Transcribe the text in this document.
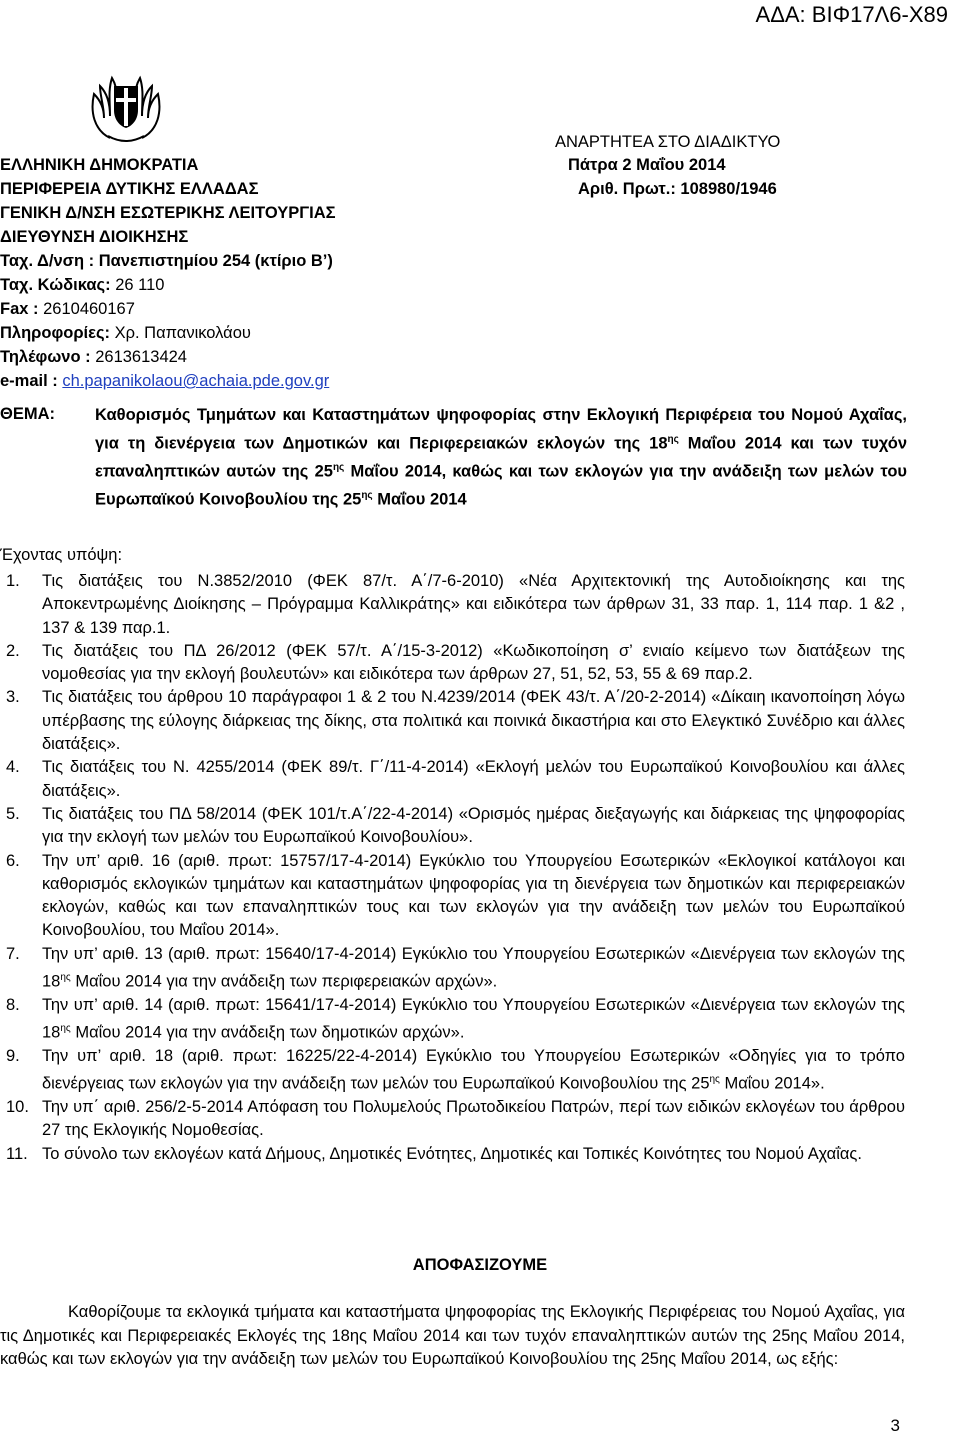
ΑΔΑ: ΒΙΦ17Λ6-Χ89
ΑΝΑΡΤΗΤΕΑ ΣΤΟ ΔΙΑΔΙΚΤΥΟ
ΕΛΛΗΝΙΚΗ ΔΗΜΟΚΡΑΤΙΑ
ΠΕΡΙΦΕΡΕΙΑ ΔΥΤΙΚΗΣ ΕΛΛΑΔΑΣ
ΓΕΝΙΚΗ Δ/ΝΣΗ ΕΣΩΤΕΡΙΚΗΣ ΛΕΙΤΟΥΡΓΙΑΣ
ΔΙΕΥΘΥΝΣΗ ΔΙΟΙΚΗΣΗΣ
Ταχ. Δ/νση : Πανεπιστημίου 254 (κτίριο Β’)
Ταχ. Κώδικας: 26 110
Fax : 2610460167
Πληροφορίες: Χρ. Παπανικολάου
Τηλέφωνο : 2613613424
e-mail : ch.papanikolaou@achaia.pde.gov.gr
Πάτρα 2 Μαΐου 2014
Αριθ. Πρωτ.: 108980/1946
ΘΕΜΑ: Καθορισμός Τμημάτων και Καταστημάτων ψηφοφορίας στην Εκλογική Περιφέρεια του Νομού Αχαΐας, για τη διενέργεια των Δημοτικών και Περιφερειακών εκλογών της $18^{\eta\varsigma}$ Μαΐου 2014 και των τυχόν επαναληπτικών αυτών της $25^{\eta\varsigma}$ Μαΐου 2014, καθώς και των εκλογών για την ανάδειξη των μελών του Ευρωπαϊκού Κοινοβουλίου της $25^{\eta\varsigma}$ Μαΐου 2014
Έχοντας υπόψη:
1. Τις διατάξεις του Ν.3852/2010 (ΦΕΚ 87/τ. Α΄/7-6-2010) «Νέα Αρχιτεκτονική της Αυτοδιοίκησης και της Αποκεντρωμένης Διοίκησης – Πρόγραμμα Καλλικράτης» και ειδικότερα των άρθρων 31, 33 παρ. 1, 114 παρ. 1 &2 , 137 & 139 παρ.1.
2. Τις διατάξεις του ΠΔ 26/2012 (ΦΕΚ 57/τ. Α΄/15-3-2012) «Κωδικοποίηση σ’ ενιαίο κείμενο των διατάξεων της νομοθεσίας για την εκλογή βουλευτών» και ειδικότερα των άρθρων 27, 51, 52, 53, 55 & 69 παρ.2.
3. Τις διατάξεις του άρθρου 10 παράγραφοι 1 & 2 του Ν.4239/2014 (ΦΕΚ 43/τ. Α΄/20-2-2014) «Δίκαιη ικανοποίηση λόγω υπέρβασης της εύλογης διάρκειας της δίκης, στα πολιτικά και ποινικά δικαστήρια και στο Ελεγκτικό Συνέδριο και άλλες διατάξεις».
4. Τις διατάξεις του Ν. 4255/2014 (ΦΕΚ 89/τ. Γ΄/11-4-2014) «Εκλογή μελών του Ευρωπαϊκού Κοινοβουλίου και άλλες διατάξεις».
5. Τις διατάξεις του ΠΔ 58/2014 (ΦΕΚ 101/τ.Α΄/22-4-2014) «Ορισμός ημέρας διεξαγωγής και διάρκειας της ψηφοφορίας για την εκλογή των μελών του Ευρωπαϊκού Κοινοβουλίου».
6. Την υπ’ αριθ. 16 (αριθ. πρωτ: 15757/17-4-2014) Εγκύκλιο του Υπουργείου Εσωτερικών «Εκλογικοί κατάλογοι και καθορισμός εκλογικών τμημάτων και καταστημάτων ψηφοφορίας για τη διενέργεια των δημοτικών και περιφερειακών εκλογών, καθώς και των επαναληπτικών τους και των εκλογών για την ανάδειξη των μελών του Ευρωπαϊκού Κοινοβουλίου, του Μαΐου 2014».
7. Την υπ’ αριθ. 13 (αριθ. πρωτ: 15640/17-4-2014) Εγκύκλιο του Υπουργείου Εσωτερικών «Διενέργεια των εκλογών της $18^{\eta\varsigma}$ Μαΐου 2014 για την ανάδειξη των περιφερειακών αρχών».
8. Την υπ’ αριθ. 14 (αριθ. πρωτ: 15641/17-4-2014) Εγκύκλιο του Υπουργείου Εσωτερικών «Διενέργεια των εκλογών της $18^{\eta\varsigma}$ Μαΐου 2014 για την ανάδειξη των δημοτικών αρχών».
9. Την υπ’ αριθ. 18 (αριθ. πρωτ: 16225/22-4-2014) Εγκύκλιο του Υπουργείου Εσωτερικών «Οδηγίες για το τρόπο διενέργειας των εκλογών για την ανάδειξη των μελών του Ευρωπαϊκού Κοινοβουλίου της $25^{\eta\varsigma}$ Μαΐου 2014».
10. Την υπ΄ αριθ. 256/2-5-2014 Απόφαση του Πολυμελούς Πρωτοδικείου Πατρών, περί των ειδικών εκλογέων του άρθρου 27 της Εκλογικής Νομοθεσίας.
11. Το σύνολο των εκλογέων κατά Δήμους, Δημοτικές Ενότητες, Δημοτικές και Τοπικές Κοινότητες του Νομού Αχαΐας.
ΑΠΟΦΑΣΙΖΟΥΜΕ
Καθορίζουμε τα εκλογικά τμήματα και καταστήματα ψηφοφορίας της Εκλογικής Περιφέρειας του Νομού Αχαΐας, για τις Δημοτικές και Περιφερειακές Εκλογές της 18ης Μαΐου 2014 και των τυχόν επαναληπτικών αυτών της 25ης Μαΐου 2014, καθώς και των εκλογών για την ανάδειξη των μελών του Ευρωπαϊκού Κοινοβουλίου της 25ης Μαΐου 2014, ως εξής:
3
